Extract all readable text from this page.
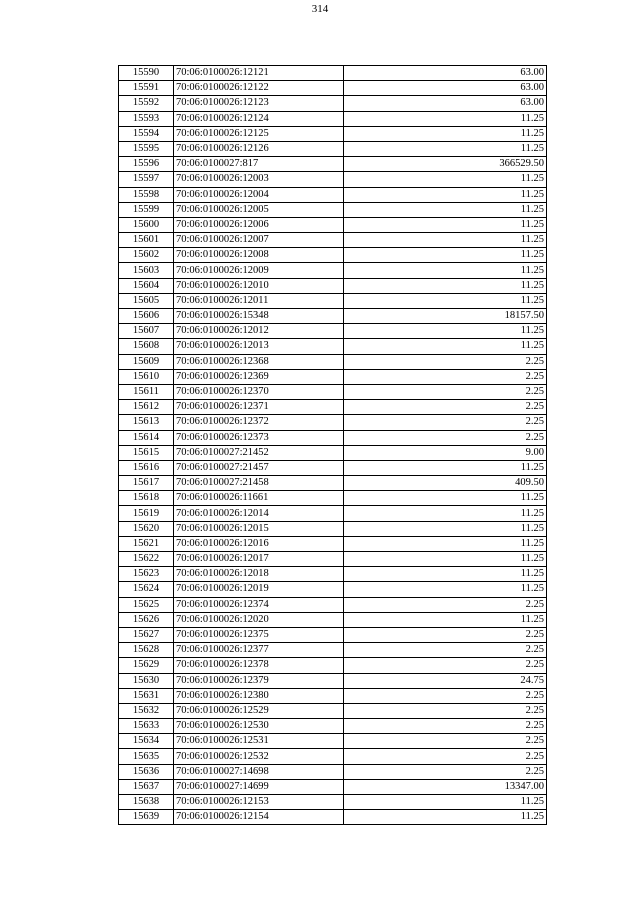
314
15590	70:06:0100026:12121	63.00
15591	70:06:0100026:12122	63.00
15592	70:06:0100026:12123	63.00
15593	70:06:0100026:12124	11.25
15594	70:06:0100026:12125	11.25
15595	70:06:0100026:12126	11.25
15596	70:06:0100027:817	366529.50
15597	70:06:0100026:12003	11.25
15598	70:06:0100026:12004	11.25
15599	70:06:0100026:12005	11.25
15600	70:06:0100026:12006	11.25
15601	70:06:0100026:12007	11.25
15602	70:06:0100026:12008	11.25
15603	70:06:0100026:12009	11.25
15604	70:06:0100026:12010	11.25
15605	70:06:0100026:12011	11.25
15606	70:06:0100026:15348	18157.50
15607	70:06:0100026:12012	11.25
15608	70:06:0100026:12013	11.25
15609	70:06:0100026:12368	2.25
15610	70:06:0100026:12369	2.25
15611	70:06:0100026:12370	2.25
15612	70:06:0100026:12371	2.25
15613	70:06:0100026:12372	2.25
15614	70:06:0100026:12373	2.25
15615	70:06:0100027:21452	9.00
15616	70:06:0100027:21457	11.25
15617	70:06:0100027:21458	409.50
15618	70:06:0100026:11661	11.25
15619	70:06:0100026:12014	11.25
15620	70:06:0100026:12015	11.25
15621	70:06:0100026:12016	11.25
15622	70:06:0100026:12017	11.25
15623	70:06:0100026:12018	11.25
15624	70:06:0100026:12019	11.25
15625	70:06:0100026:12374	2.25
15626	70:06:0100026:12020	11.25
15627	70:06:0100026:12375	2.25
15628	70:06:0100026:12377	2.25
15629	70:06:0100026:12378	2.25
15630	70:06:0100026:12379	24.75
15631	70:06:0100026:12380	2.25
15632	70:06:0100026:12529	2.25
15633	70:06:0100026:12530	2.25
15634	70:06:0100026:12531	2.25
15635	70:06:0100026:12532	2.25
15636	70:06:0100027:14698	2.25
15637	70:06:0100027:14699	13347.00
15638	70:06:0100026:12153	11.25
15639	70:06:0100026:12154	11.25
